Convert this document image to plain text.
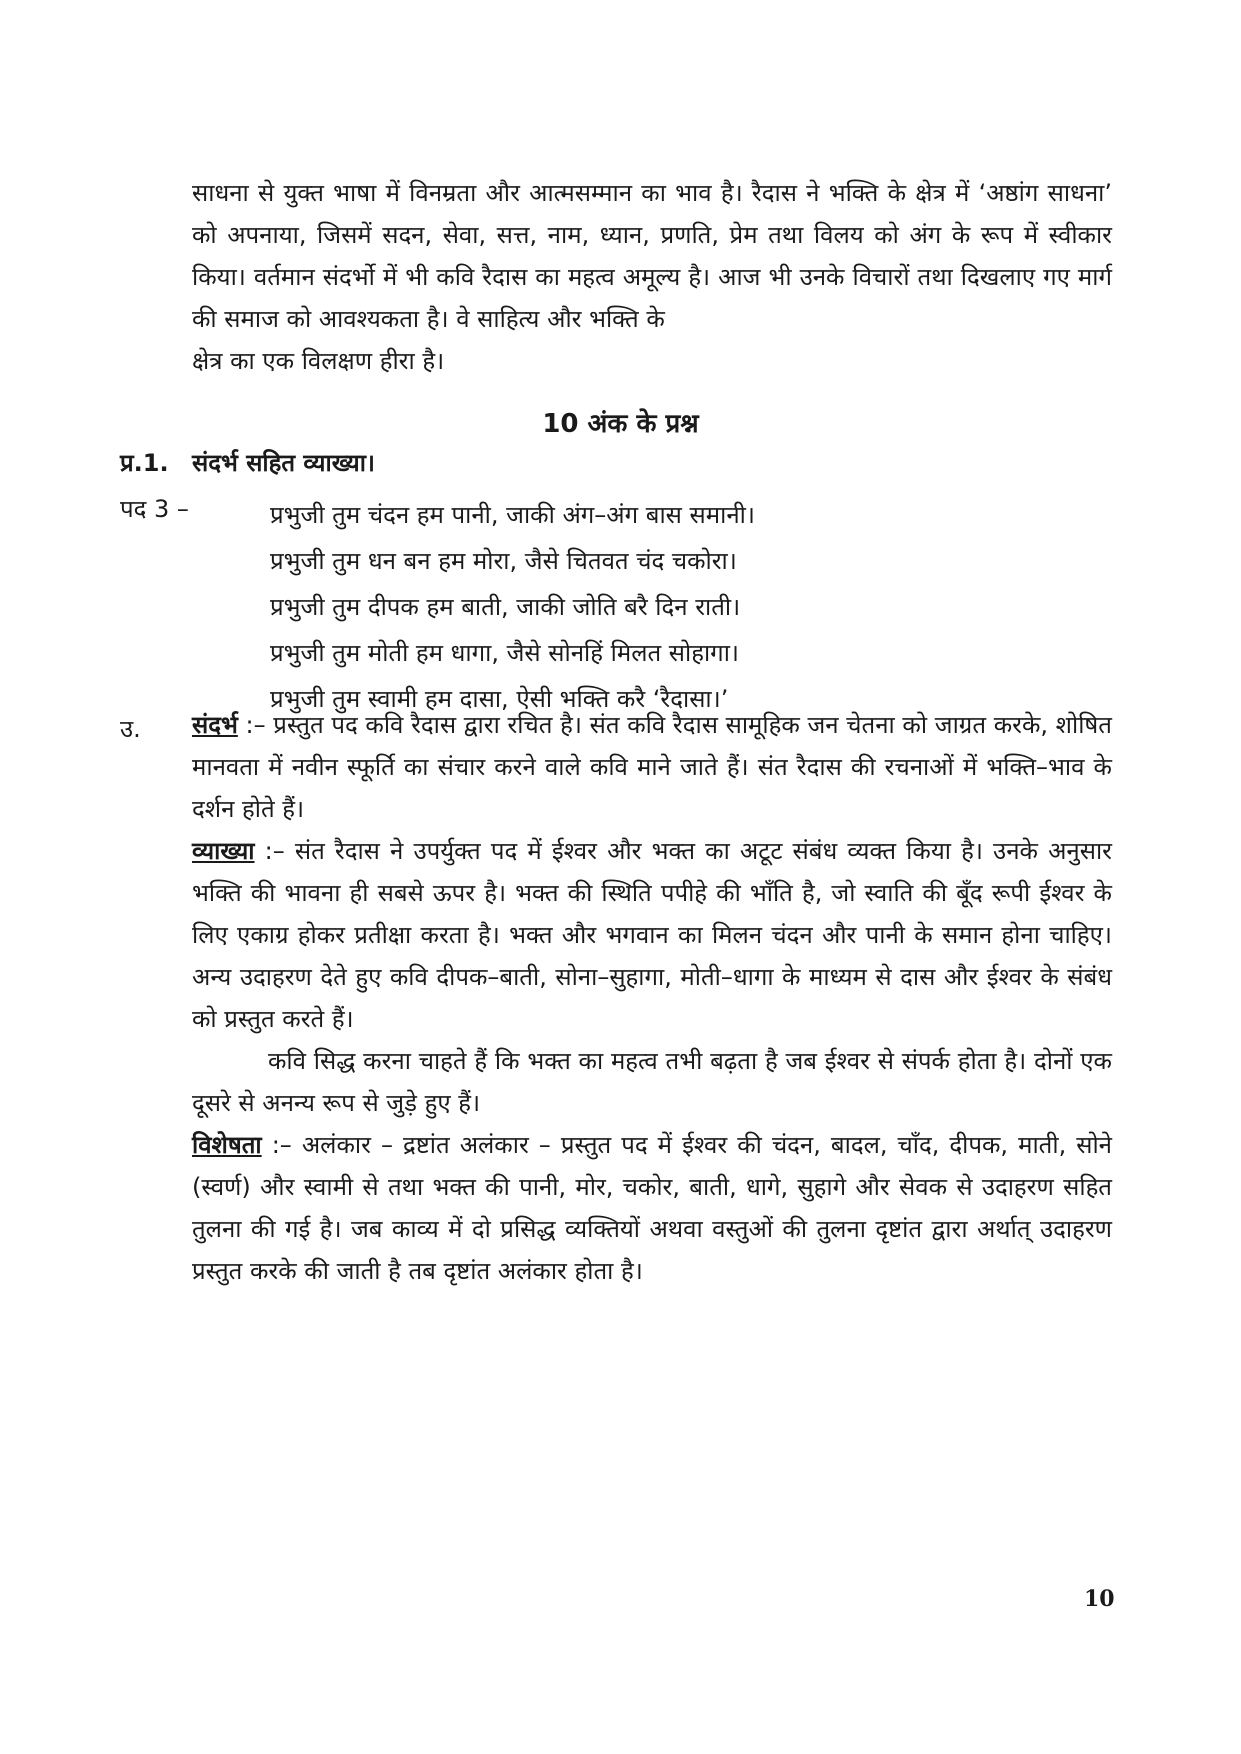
साधना से युक्त भाषा में विनम्रता और आत्मसम्मान का भाव है। रैदास ने भक्ति के क्षेत्र में ‘अष्ठांग साधना’ को अपनाया, जिसमें सदन, सेवा, सत्त, नाम, ध्यान, प्रणति, प्रेम तथा विलय को अंग के रूप में स्वीकार किया। वर्तमान संदर्भो में भी कवि रैदास का महत्व अमूल्य है। आज भी उनके विचारों तथा दिखलाए गए मार्ग की समाज को आवश्यकता है। वे साहित्य और भक्ति के
क्षेत्र का एक विलक्षण हीरा है।
10 अंक के प्रश्न
प्र.1. संदर्भ सहित व्याख्या।
पद 3 –	प्रभुजी तुम चंदन हम पानी, जाकी अंग–अंग बास समानी।
प्रभुजी तुम धन बन हम मोरा, जैसे चितवत चंद चकोरा।
प्रभुजी तुम दीपक हम बाती, जाकी जोति बरै दिन राती।
प्रभुजी तुम मोती हम धागा, जैसे सोनहिं मिलत सोहागा।
प्रभुजी तुम स्वामी हम दासा, ऐसी भक्ति करै ‘रैदासा।’
उ. संदर्भ :– प्रस्तुत पद कवि रैदास द्वारा रचित है। संत कवि रैदास सामूहिक जन चेतना को जाग्रत करके, शोषित मानवता में नवीन स्फूर्ति का संचार करने वाले कवि माने जाते हैं। संत रैदास की रचनाओं में भक्ति–भाव के दर्शन होते हैं।

व्याख्या :– संत रैदास ने उपर्युक्त पद में ईश्वर और भक्त का अटूट संबंध व्यक्त किया है। उनके अनुसार भक्ति की भावना ही सबसे ऊपर है। भक्त की स्थिति पपीहे की भाँति है, जो स्वाति की बूँद रूपी ईश्वर के लिए एकाग्र होकर प्रतीक्षा करता है। भक्त और भगवान का मिलन चंदन और पानी के समान होना चाहिए। अन्य उदाहरण देते हुए कवि दीपक–बाती, सोना–सुहागा, मोती–धागा के माध्यम से दास और ईश्वर के संबंध को प्रस्तुत करते हैं।

कवि सिद्ध करना चाहते हैं कि भक्त का महत्व तभी बढ़ता है जब ईश्वर से संपर्क होता है। दोनों एक दूसरे से अनन्य रूप से जुड़े हुए हैं।

विशेषता :– अलंकार – द्रष्टांत अलंकार – प्रस्तुत पद में ईश्वर की चंदन, बादल, चाँद, दीपक, माती, सोने (स्वर्ण) और स्वामी से तथा भक्त की पानी, मोर, चकोर, बाती, धागे, सुहागे और सेवक से उदाहरण सहित तुलना की गई है। जब काव्य में दो प्रसिद्ध व्यक्तियों अथवा वस्तुओं की तुलना दृष्टांत द्वारा अर्थात् उदाहरण प्रस्तुत करके की जाती है तब दृष्टांत अलंकार होता है।

10
